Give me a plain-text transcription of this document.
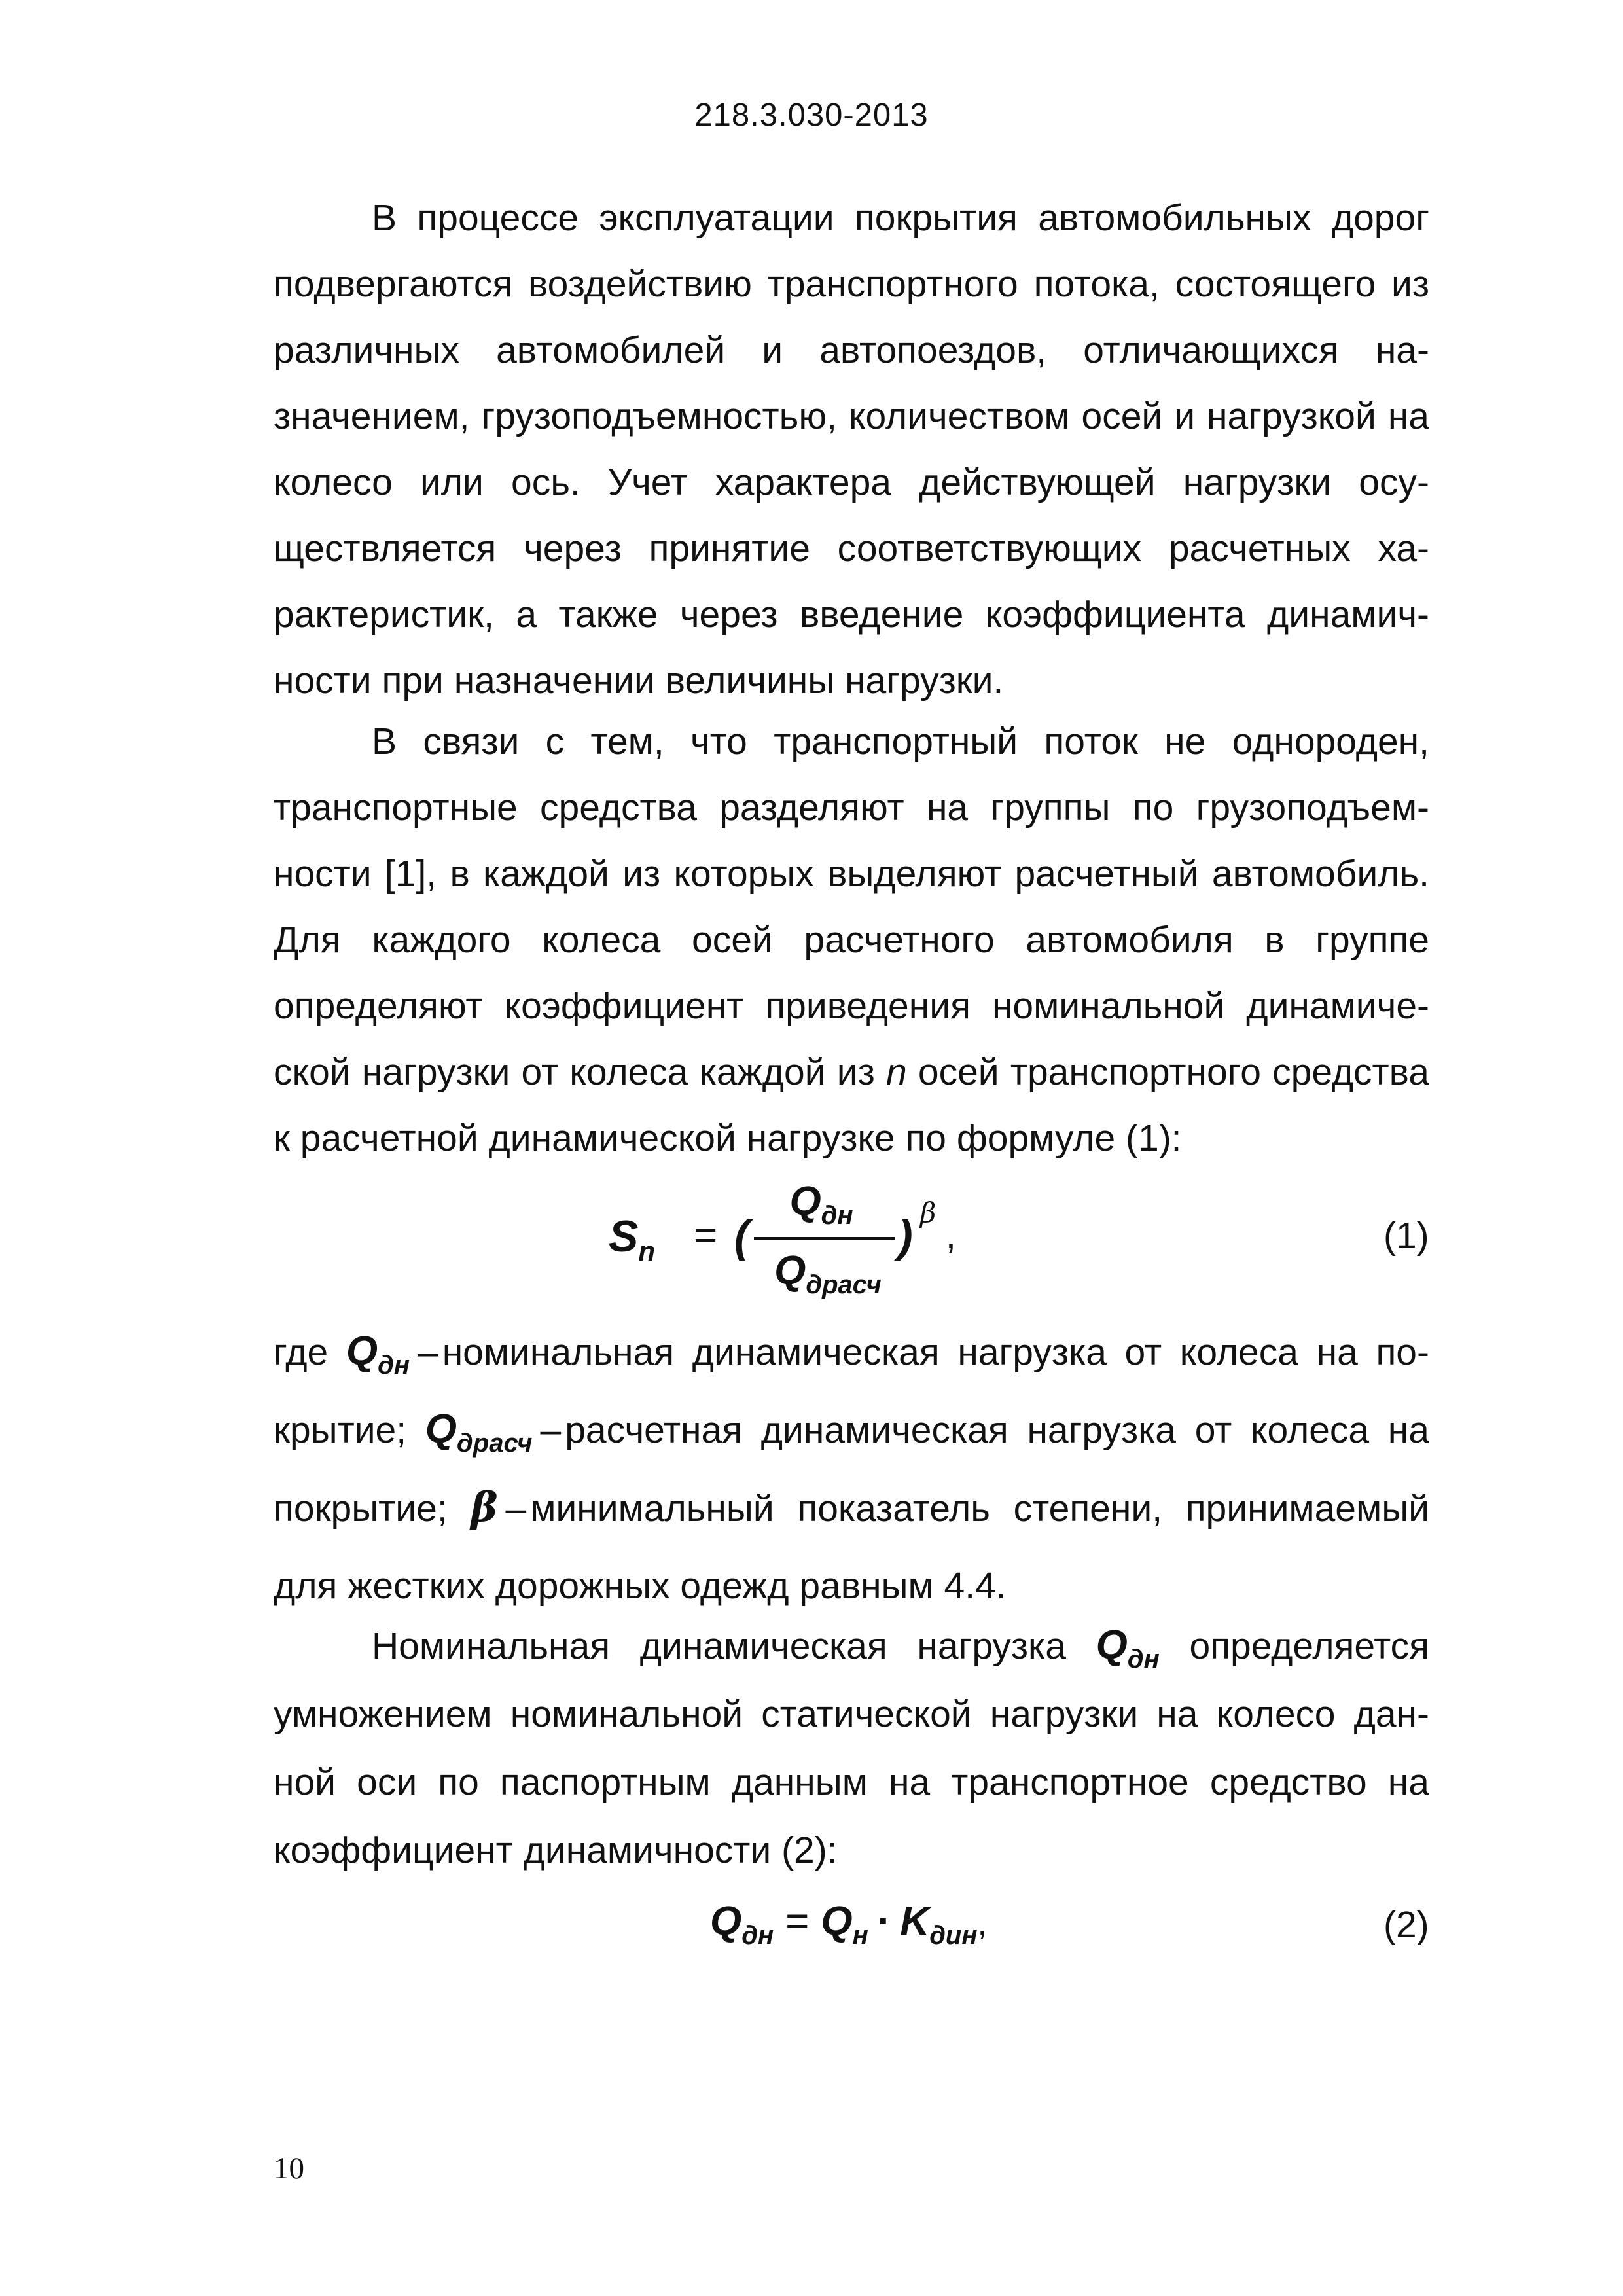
218.3.030-2013

В процессе эксплуатации покрытия автомобильных дорог подвергаются воздействию транспортного потока, состоящего из различных автомобилей и автопоездов, отличающихся назначением, грузоподъемностью, количеством осей и нагрузкой на колесо или ось. Учет характера действующей нагрузки осуществляется через принятие соответствующих расчетных характеристик, а также через введение коэффициента динамичности при назначении величины нагрузки.

В связи с тем, что транспортный поток не однороден, транспортные средства разделяют на группы по грузоподъемности [1], в каждой из которых выделяют расчетный автомобиль. Для каждого колеса осей расчетного автомобиля в группе определяют коэффициент приведения номинальной динамической нагрузки от колеса каждой из n осей транспортного средства к расчетной динамической нагрузке по формуле (1):

$S_n$ = (
$Q_{дн}$
$Q_{драсч}$
) β
,	(1)

где $Q_{дн}$ – номинальная динамическая нагрузка от колеса на покрытие; $Q_{драсч}$ – расчетная динамическая нагрузка от колеса на покрытие; β – минимальный показатель степени, принимаемый для жестких дорожных одежд равным 4.4.

Номинальная динамическая нагрузка $Q_{дн}$ определяется умножением номинальной статической нагрузки на колесо данной оси по паспортным данным на транспортное средство на коэффициент динамичности (2):

$Q_{дн} = Q_н \cdot K_{дин}$,	(2)
10
